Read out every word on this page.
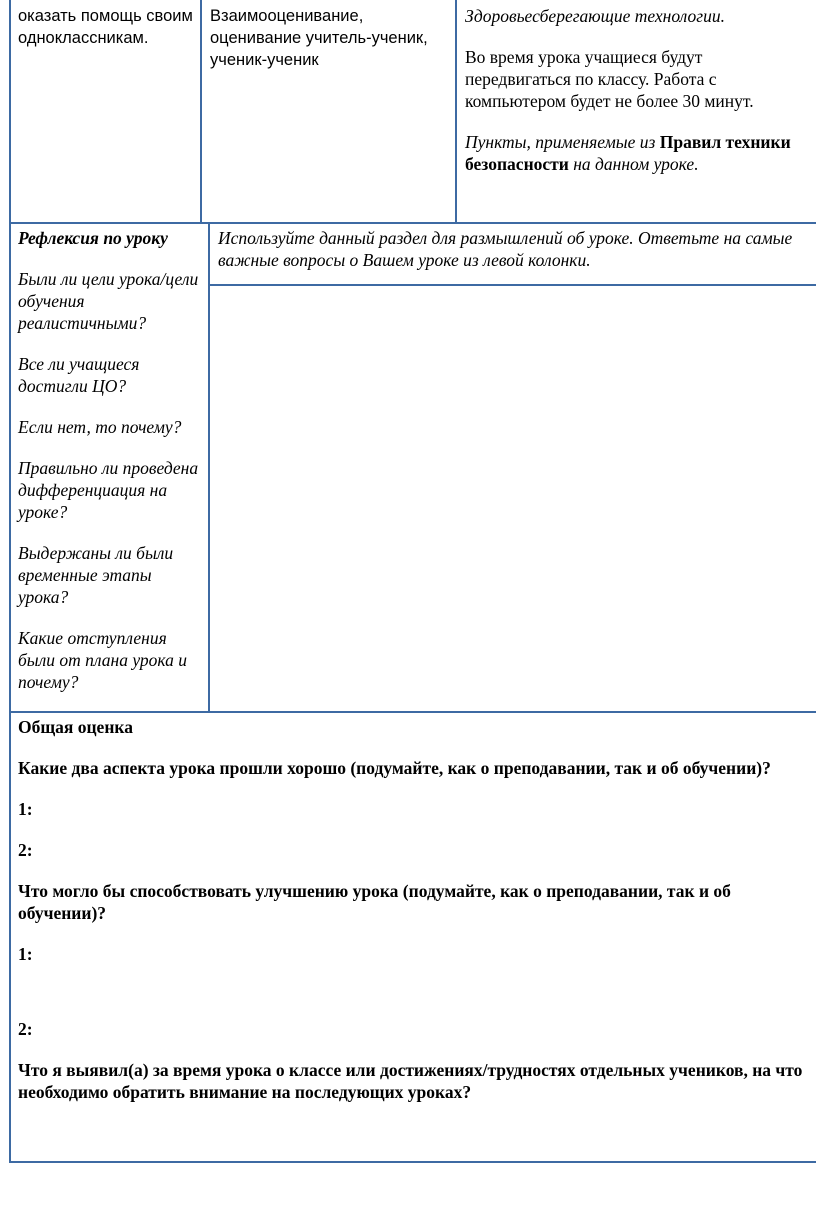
оказать помощь своим одноклассникам.

Взаимооценивание, оценивание учитель-ученик, ученик-ученик

Здоровьесберегающие технологии.

Во время урока учащиеся будут передвигаться по классу. Работа с компьютером будет не более 30 минут.

Пункты, применяемые из Правил техники
безопасности на данном уроке.

Рефлексия по уроку

Были ли цели урока/цели обучения реалистичными?

Все ли учащиеся достигли ЦО?

Если нет, то почему?

Правильно ли проведена дифференциация на уроке?

Выдержаны ли были временные этапы урока?

Какие отступления были от плана урока и почему?

Используйте данный раздел для размышлений об уроке. Ответьте на самые важные вопросы о Вашем уроке из левой колонки.

Общая оценка

Какие два аспекта урока прошли хорошо (подумайте, как о преподавании, так и об обучении)?

1:

2:

Что могло бы способствовать улучшению урока (подумайте, как о преподавании, так и об обучении)?

1:

2:

Что я выявил(а) за время урока о классе или достижениях/трудностях отдельных учеников, на что необходимо обратить внимание на последующих уроках?
